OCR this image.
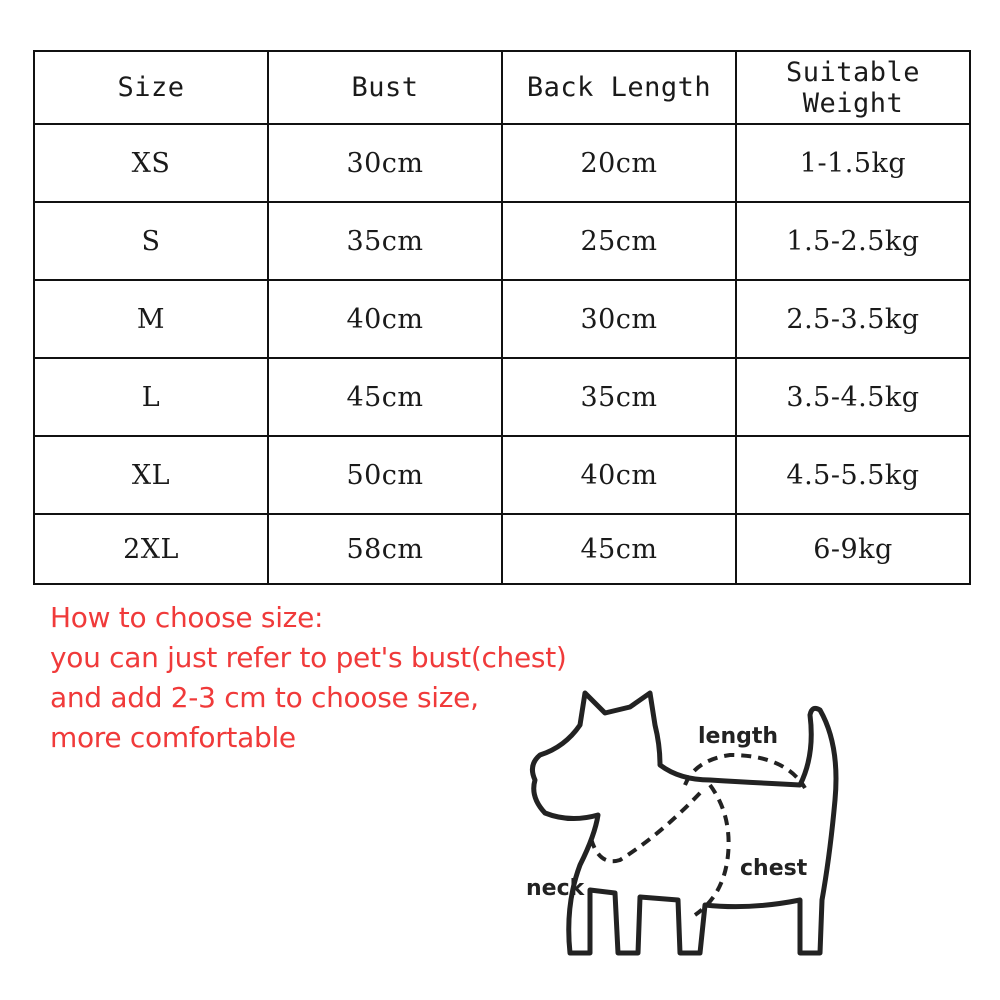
Size	Bust	Back Length	Suitable Weight
XS	30cm	20cm	1-1.5kg
S	35cm	25cm	1.5-2.5kg
M	40cm	30cm	2.5-3.5kg
L	45cm	35cm	3.5-4.5kg
XL	50cm	40cm	4.5-5.5kg
2XL	58cm	45cm	6-9kg
How to choose size:
you can just refer to pet's bust(chest)
and add 2-3 cm to choose size,
more comfortable	length
chest
neck
